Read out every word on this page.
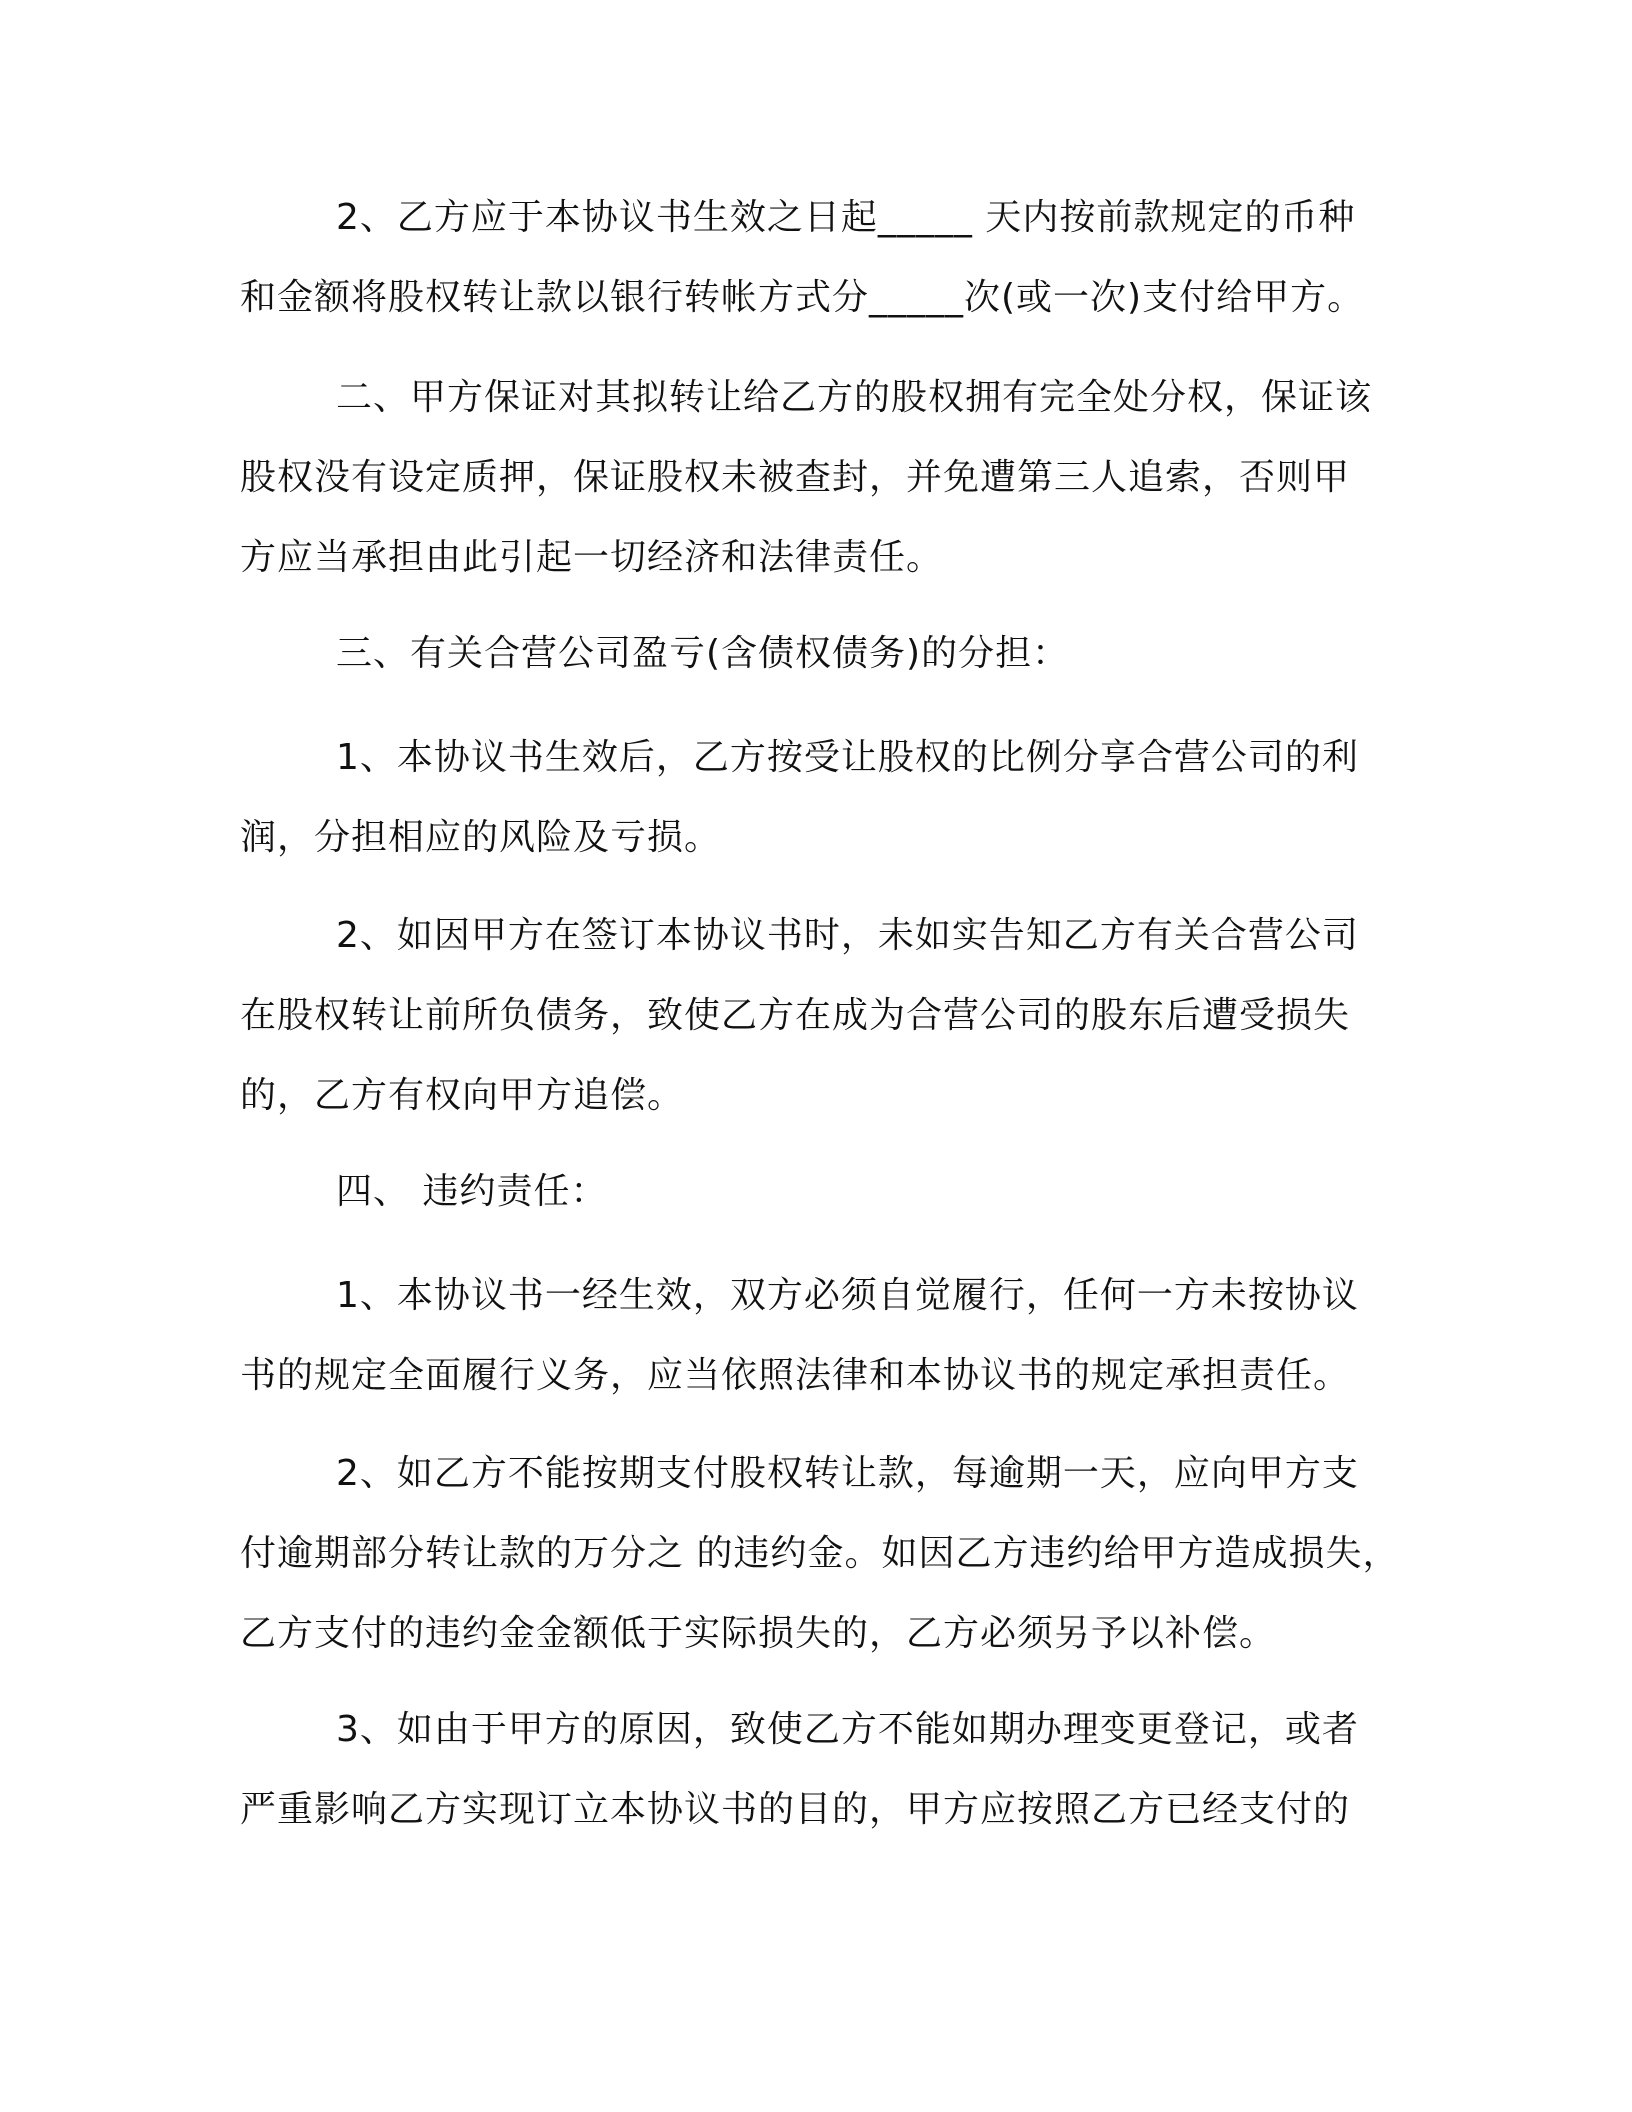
2、乙方应于本协议书生效之日起_____ 天内按前款规定的币种
和金额将股权转让款以银行转帐方式分_____次(或一次)支付给甲方。
二、甲方保证对其拟转让给乙方的股权拥有完全处分权，保证该
股权没有设定质押，保证股权未被查封，并免遭第三人追索，否则甲
方应当承担由此引起一切经济和法律责任。
三、有关合营公司盈亏(含债权债务)的分担：
1、本协议书生效后，乙方按受让股权的比例分享合营公司的利
润，分担相应的风险及亏损。
2、如因甲方在签订本协议书时，未如实告知乙方有关合营公司
在股权转让前所负债务，致使乙方在成为合营公司的股东后遭受损失
的，乙方有权向甲方追偿。
四、 违约责任：
1、本协议书一经生效，双方必须自觉履行，任何一方未按协议
书的规定全面履行义务，应当依照法律和本协议书的规定承担责任。
2、如乙方不能按期支付股权转让款，每逾期一天，应向甲方支
付逾期部分转让款的万分之 的违约金。如因乙方违约给甲方造成损失，
乙方支付的违约金金额低于实际损失的，乙方必须另予以补偿。
3、如由于甲方的原因，致使乙方不能如期办理变更登记，或者
严重影响乙方实现订立本协议书的目的，甲方应按照乙方已经支付的
